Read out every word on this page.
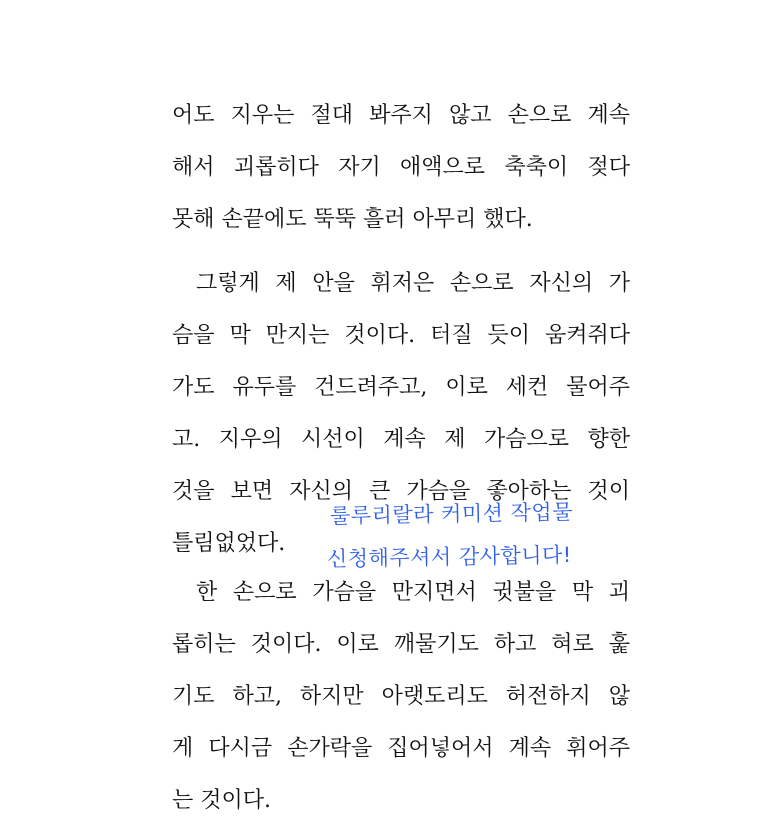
어도 지우는 절대 봐주지 않고 손으로 계속
해서 괴롭히다 자기 애액으로 축축이 젖다
못해 손끝에도 뚝뚝 흘러 아무리 했다.
그렇게 제 안을 휘저은 손으로 자신의 가
슴을 막 만지는 것이다. 터질 듯이 움켜쥐다
가도 유두를 건드려주고, 이로 세컨 물어주
고. 지우의 시선이 계속 제 가슴으로 향한
것을 보면 자신의 큰 가슴을 좋아하는 것이
틀림없었다.
한 손으로 가슴을 만지면서 귓불을 막 괴
롭히는 것이다. 이로 깨물기도 하고 혀로 훑
기도 하고, 하지만 아랫도리도 허전하지 않
게 다시금 손가락을 집어넣어서 계속 휘어주
는 것이다.
룰루리랄라 커미션 작업물
신청해주셔서 감사합니다!
